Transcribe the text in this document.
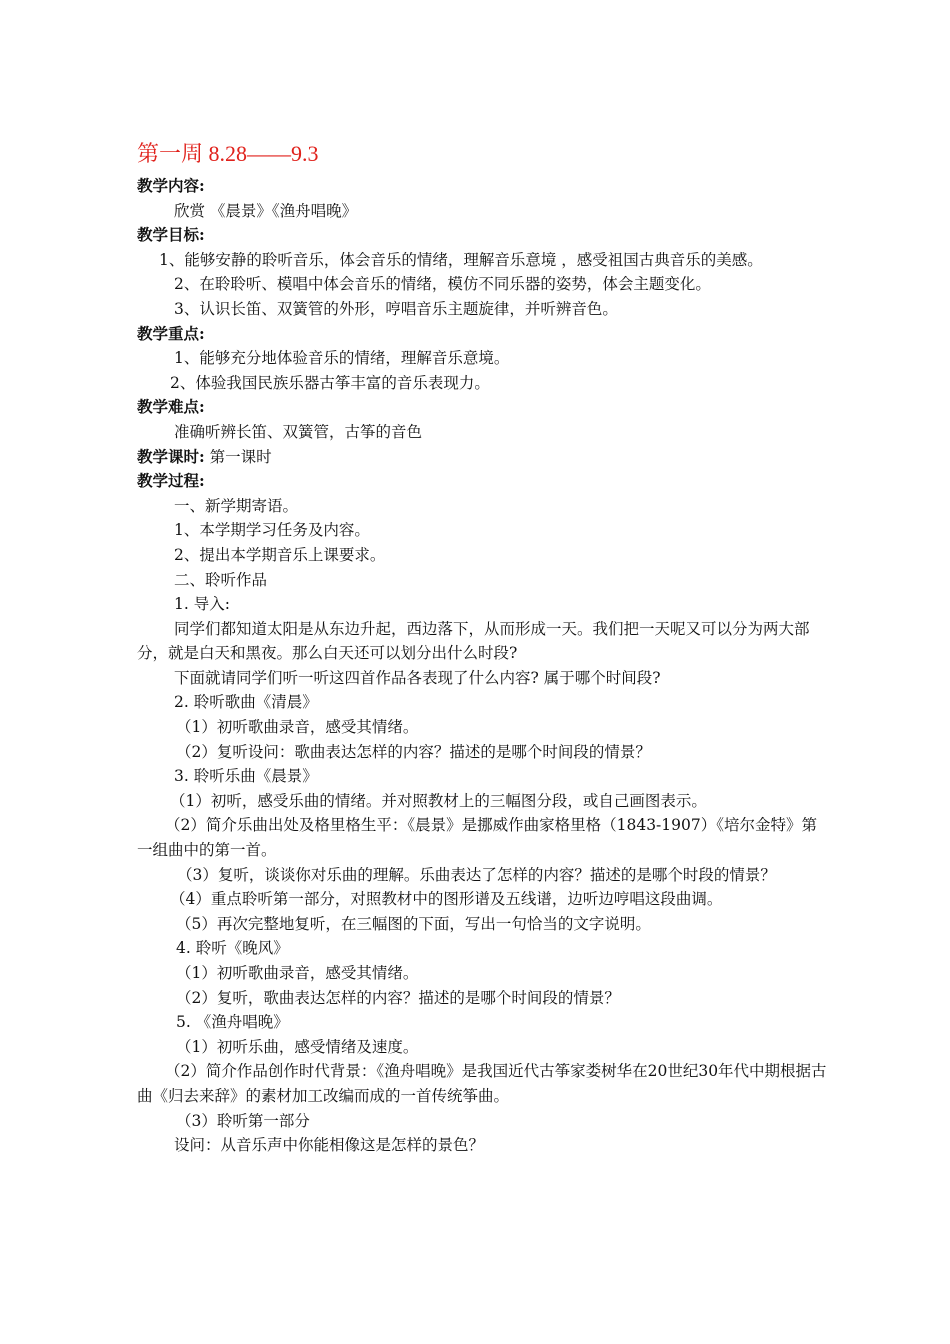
第一周 8.28——9.3

教学内容:

欣赏 《晨景》《渔舟唱晚》

教学目标:

1、能够安静的聆听音乐，体会音乐的情绪，理解音乐意境 ，感受祖国古典音乐的美感。

2、在聆聆听、模唱中体会音乐的情绪，模仿不同乐器的姿势，体会主题变化。

3、认识长笛、双簧管的外形，哼唱音乐主题旋律，并听辨音色。

教学重点:

1、能够充分地体验音乐的情绪，理解音乐意境。

2、体验我国民族乐器古筝丰富的音乐表现力。

教学难点:

准确听辨长笛、双簧管，古筝的音色

教学课时: 第一课时

教学过程:

一、新学期寄语。

1、本学期学习任务及内容。

2、提出本学期音乐上课要求。

二、聆听作品

1. 导入:

同学们都知道太阳是从东边升起，西边落下，从而形成一天。我们把一天呢又可以分为两大部分，就是白天和黑夜。那么白天还可以划分出什么时段?

下面就请同学们听一听这四首作品各表现了什么内容? 属于哪个时间段?

2. 聆听歌曲《清晨》

（1）初听歌曲录音，感受其情绪。

（2）复听设问：歌曲表达怎样的内容？描述的是哪个时间段的情景？

3. 聆听乐曲《晨景》

（1）初听，感受乐曲的情绪。并对照教材上的三幅图分段，或自己画图表示。

（2）简介乐曲出处及格里格生平：《晨景》是挪威作曲家格里格（1843-1907）《培尔金特》第一组曲中的第一首。

（3）复听，谈谈你对乐曲的理解。乐曲表达了怎样的内容？描述的是哪个时段的情景？

（4）重点聆听第一部分，对照教材中的图形谱及五线谱，边听边哼唱这段曲调。

（5）再次完整地复听，在三幅图的下面，写出一句恰当的文字说明。

4. 聆听《晚风》

（1）初听歌曲录音，感受其情绪。

（2）复听，歌曲表达怎样的内容？描述的是哪个时间段的情景？

5. 《渔舟唱晚》

（1）初听乐曲，感受情绪及速度。

（2）简介作品创作时代背景：《渔舟唱晚》是我国近代古筝家娄树华在20世纪30年代中期根据古曲《归去来辞》的素材加工改编而成的一首传统筝曲。

（3）聆听第一部分

设问：从音乐声中你能相像这是怎样的景色？
